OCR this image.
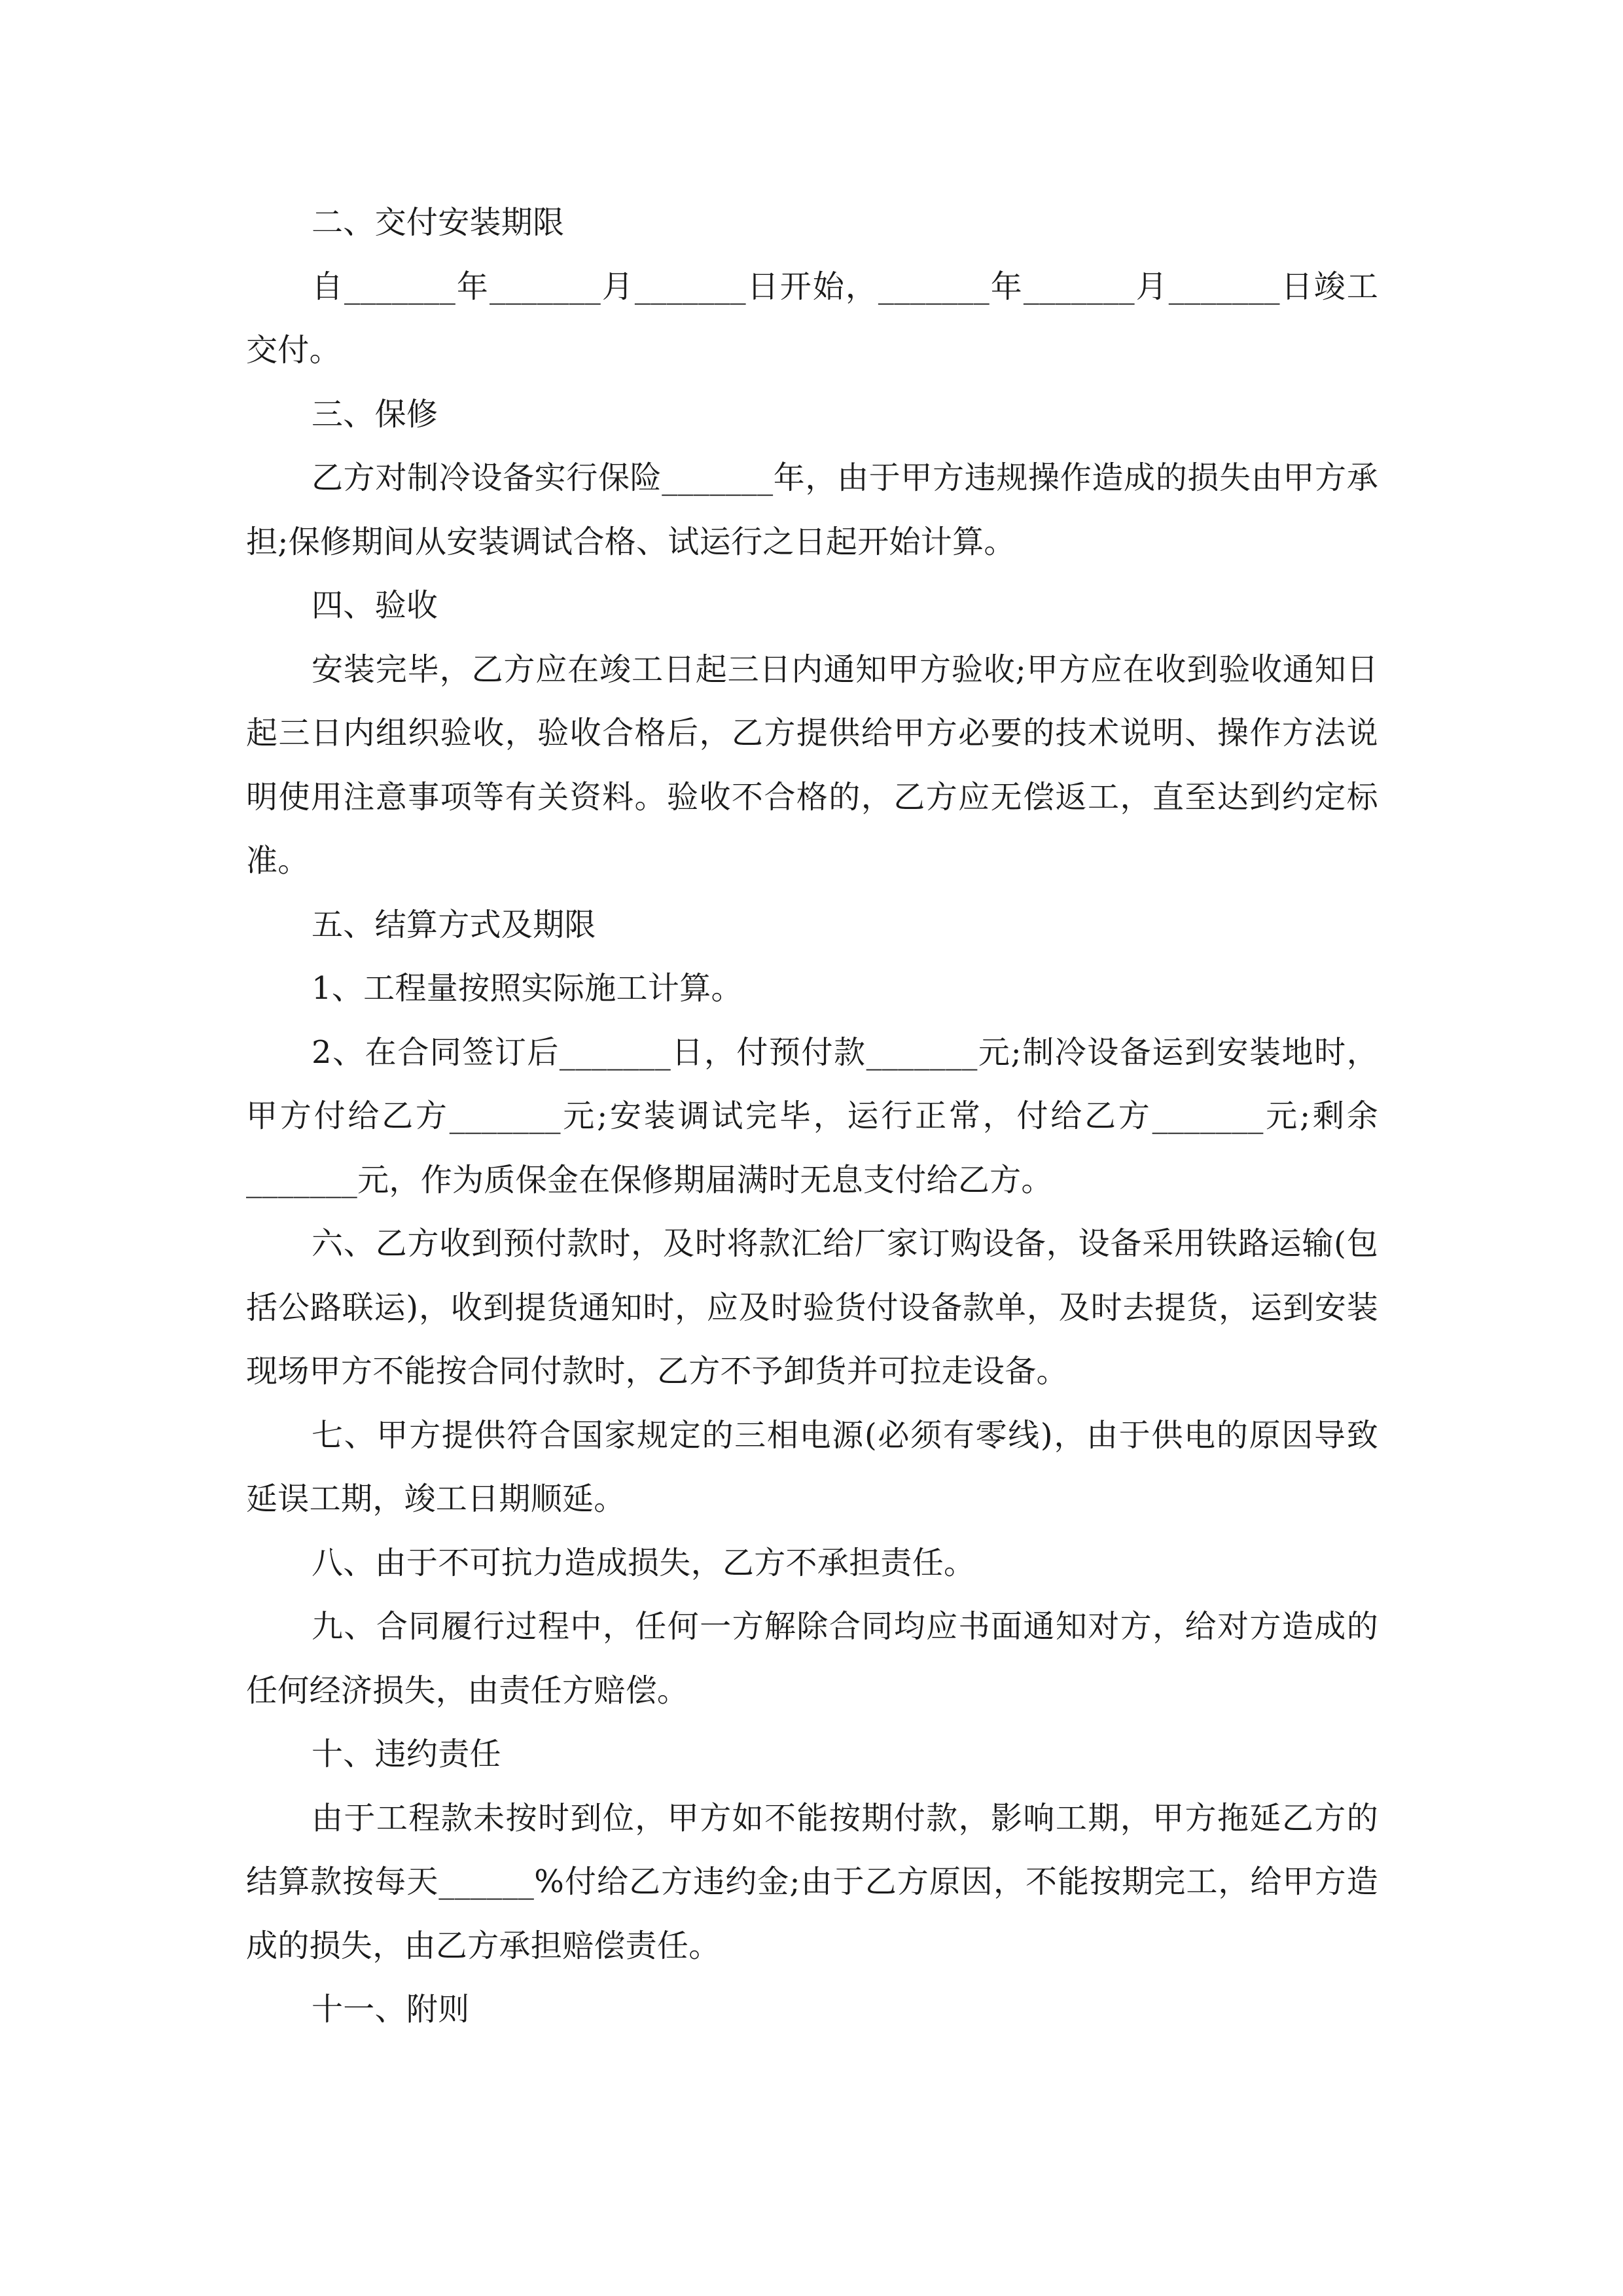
二、交付安装期限

自_______年_______月_______日开始，_______年_______月_______日竣工交付。

三、保修

乙方对制冷设备实行保险_______年，由于甲方违规操作造成的损失由甲方承担;保修期间从安装调试合格、试运行之日起开始计算。

四、验收

安装完毕，乙方应在竣工日起三日内通知甲方验收;甲方应在收到验收通知日起三日内组织验收，验收合格后，乙方提供给甲方必要的技术说明、操作方法说明使用注意事项等有关资料。验收不合格的，乙方应无偿返工，直至达到约定标准。

五、结算方式及期限

1、工程量按照实际施工计算。

2、在合同签订后_______日，付预付款_______元;制冷设备运到安装地时，甲方付给乙方_______元;安装调试完毕，运行正常，付给乙方_______元;剩余_______元，作为质保金在保修期届满时无息支付给乙方。

六、乙方收到预付款时，及时将款汇给厂家订购设备，设备采用铁路运输(包括公路联运)，收到提货通知时，应及时验货付设备款单，及时去提货，运到安装现场甲方不能按合同付款时，乙方不予卸货并可拉走设备。

七、甲方提供符合国家规定的三相电源(必须有零线)，由于供电的原因导致延误工期，竣工日期顺延。

八、由于不可抗力造成损失，乙方不承担责任。

九、合同履行过程中，任何一方解除合同均应书面通知对方，给对方造成的任何经济损失，由责任方赔偿。

十、违约责任

由于工程款未按时到位，甲方如不能按期付款，影响工期，甲方拖延乙方的结算款按每天______%付给乙方违约金;由于乙方原因，不能按期完工，给甲方造成的损失，由乙方承担赔偿责任。

十一、附则
